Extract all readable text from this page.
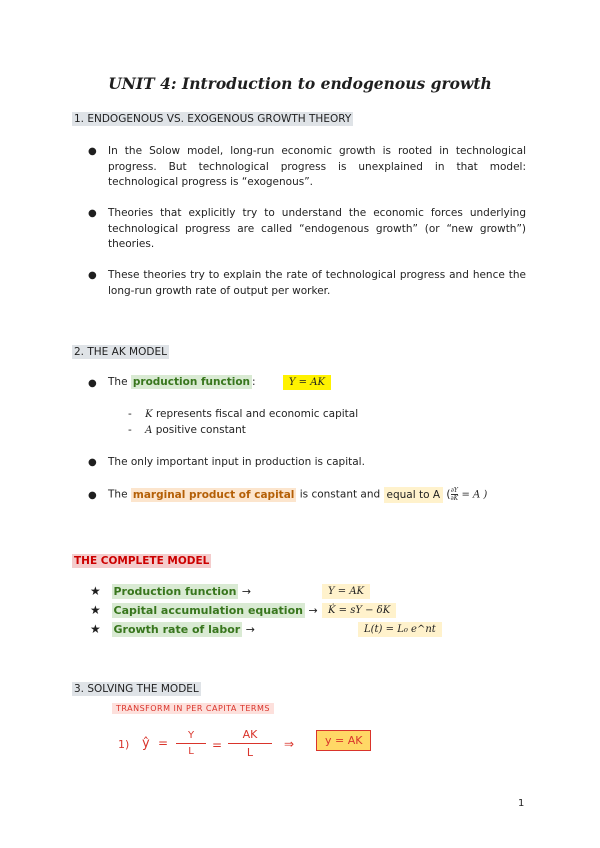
UNIT 4: Introduction to endogenous growth
1. ENDOGENOUS VS. EXOGENOUS GROWTH THEORY
● In the Solow model, long-run economic growth is rooted in technological progress. But technological progress is unexplained in that model: technological progress is “exogenous”.
● Theories that explicitly try to understand the economic forces underlying technological progress are called “endogenous growth” (or “new growth”) theories.
● These theories try to explain the rate of technological progress and hence the long-run growth rate of output per worker.
2. THE AK MODEL
● The production function :	Y = AK
- K represents fiscal and economic capital
- A positive constant
● The only important input in production is capital.
● The marginal product of capital is constant and equal to A ( $\frac{\partial Y}{\partial K} = A$ )
THE COMPLETE MODEL
★ Production function →	Y = AK
★ Capital accumulation equation →	K̇ = sY − δK
★ Growth rate of labor →	L(t) = L₀ e^nt
3. SOLVING THE MODEL
TRANSFORM IN PER CAPITA TERMS
1) ŷ = $\frac{Y}{L} = \frac{AK}{L}$ ⇒	y = AK
1
